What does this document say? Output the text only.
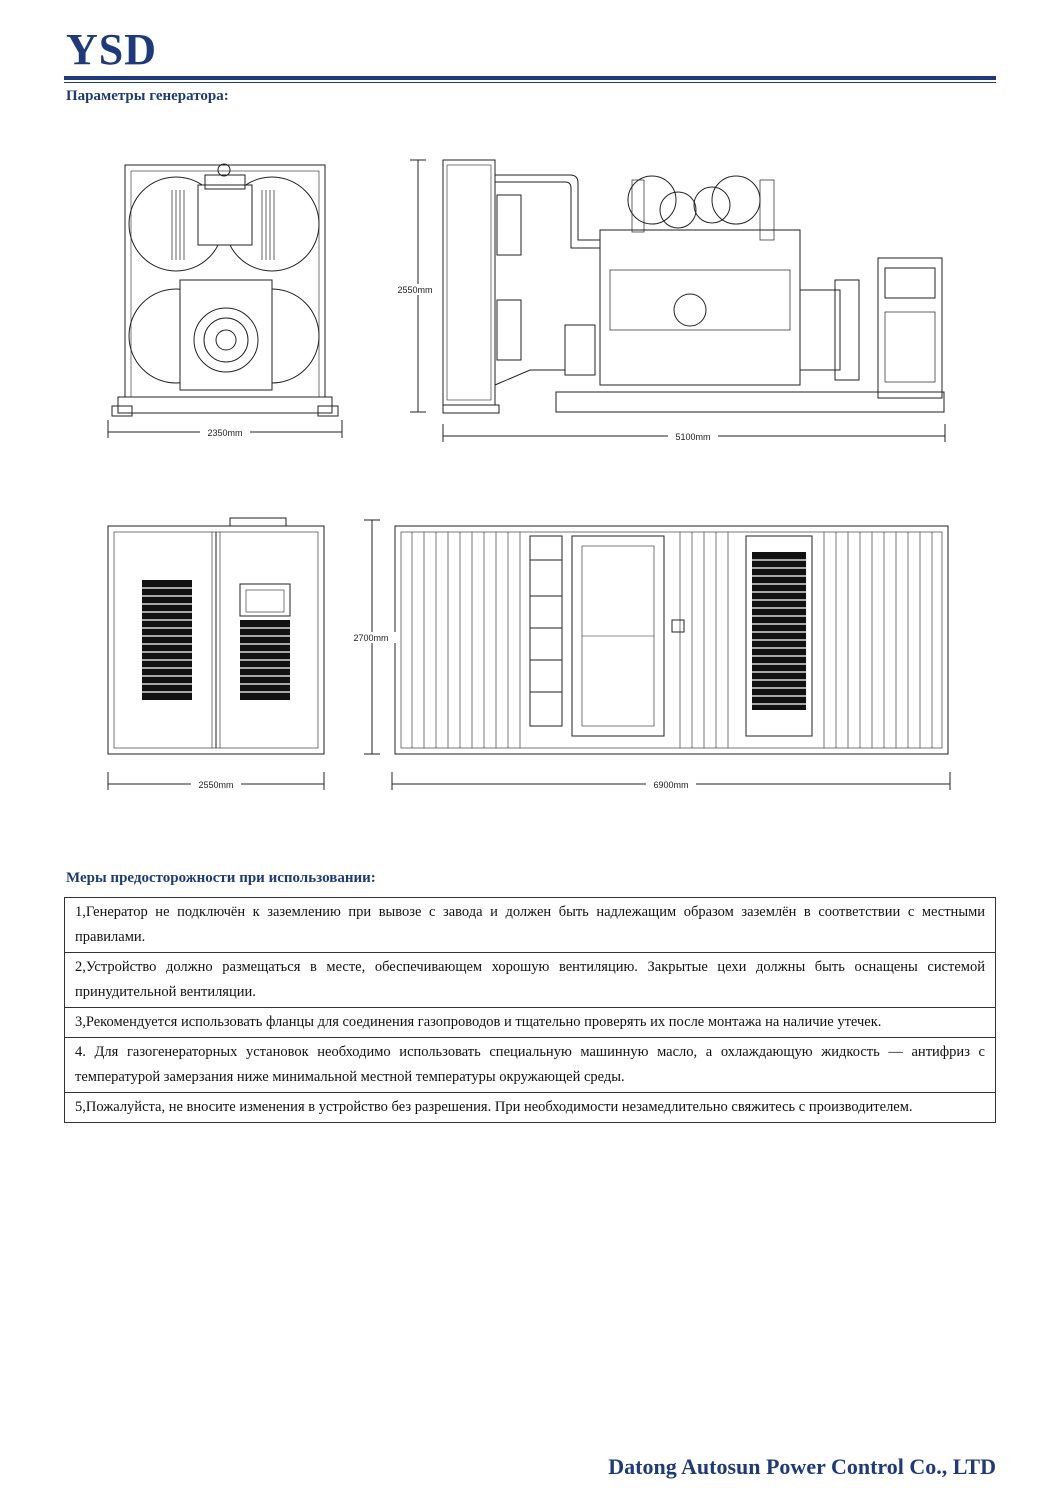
YSD
Параметры генератора:
2350mm
2550mm
5100mm
2550mm
2700mm
6900mm
Меры предосторожности при использовании:
1,Генератор не подключён к заземлению при вывозе с завода и должен быть надлежащим образом заземлён в соответствии с местными правилами.
2,Устройство должно размещаться в месте, обеспечивающем хорошую вентиляцию. Закрытые цехи должны быть оснащены системой принудительной вентиляции.
3,Рекомендуется использовать фланцы для соединения газопроводов и тщательно проверять их после монтажа на наличие утечек.
4. Для газогенераторных установок необходимо использовать специальную машинную масло, а охлаждающую жидкость — антифриз с температурой замерзания ниже минимальной местной температуры окружающей среды.
5,Пожалуйста, не вносите изменения в устройство без разрешения. При необходимости незамедлительно свяжитесь с производителем.
Datong Autosun Power Control Co., LTD
